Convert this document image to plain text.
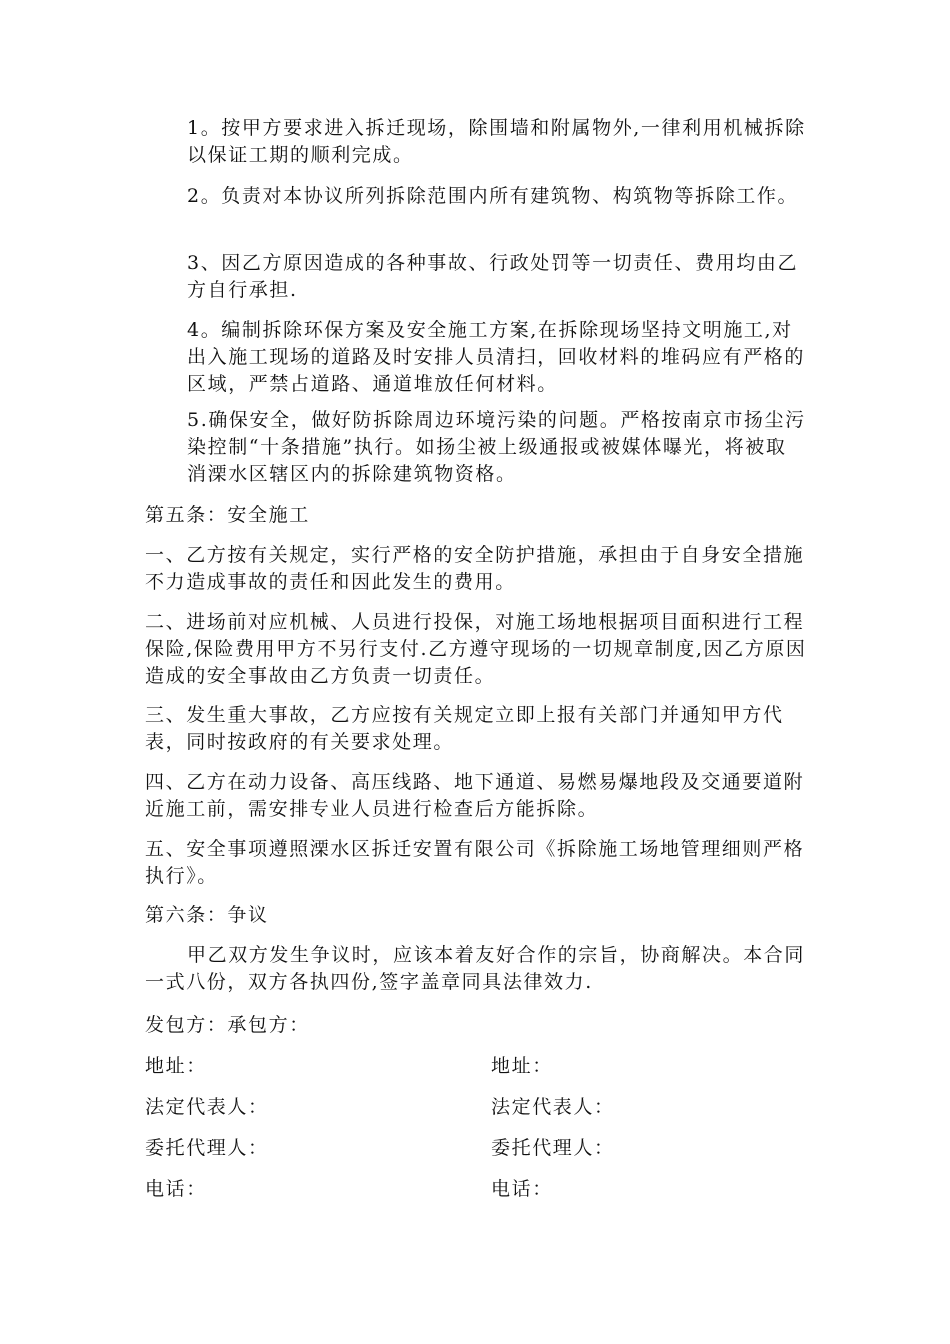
1。按甲方要求进入拆迁现场，除围墙和附属物外,一律利用机械拆除以保证工期的顺利完成。

2。负责对本协议所列拆除范围内所有建筑物、构筑物等拆除工作。

3、因乙方原因造成的各种事故、行政处罚等一切责任、费用均由乙方自行承担.

4。编制拆除环保方案及安全施工方案,在拆除现场坚持文明施工,对出入施工现场的道路及时安排人员清扫，回收材料的堆码应有严格的区域，严禁占道路、通道堆放任何材料。

5.确保安全，做好防拆除周边环境污染的问题。严格按南京市扬尘污染控制“十条措施”执行。如扬尘被上级通报或被媒体曝光，将被取消溧水区辖区内的拆除建筑物资格。

第五条：安全施工

一、乙方按有关规定，实行严格的安全防护措施，承担由于自身安全措施不力造成事故的责任和因此发生的费用。

二、进场前对应机械、人员进行投保，对施工场地根据项目面积进行工程保险,保险费用甲方不另行支付.乙方遵守现场的一切规章制度,因乙方原因造成的安全事故由乙方负责一切责任。

三、发生重大事故，乙方应按有关规定立即上报有关部门并通知甲方代表，同时按政府的有关要求处理。

四、乙方在动力设备、高压线路、地下通道、易燃易爆地段及交通要道附近施工前，需安排专业人员进行检查后方能拆除。

五、安全事项遵照溧水区拆迁安置有限公司《拆除施工场地管理细则严格执行》。

第六条：争议

甲乙双方发生争议时，应该本着友好合作的宗旨，协商解决。本合同一式八份，双方各执四份,签字盖章同具法律效力.

发包方：承包方：

地址：	地址：

法定代表人：	法定代表人：

委托代理人：	委托代理人：

电话：	电话：
